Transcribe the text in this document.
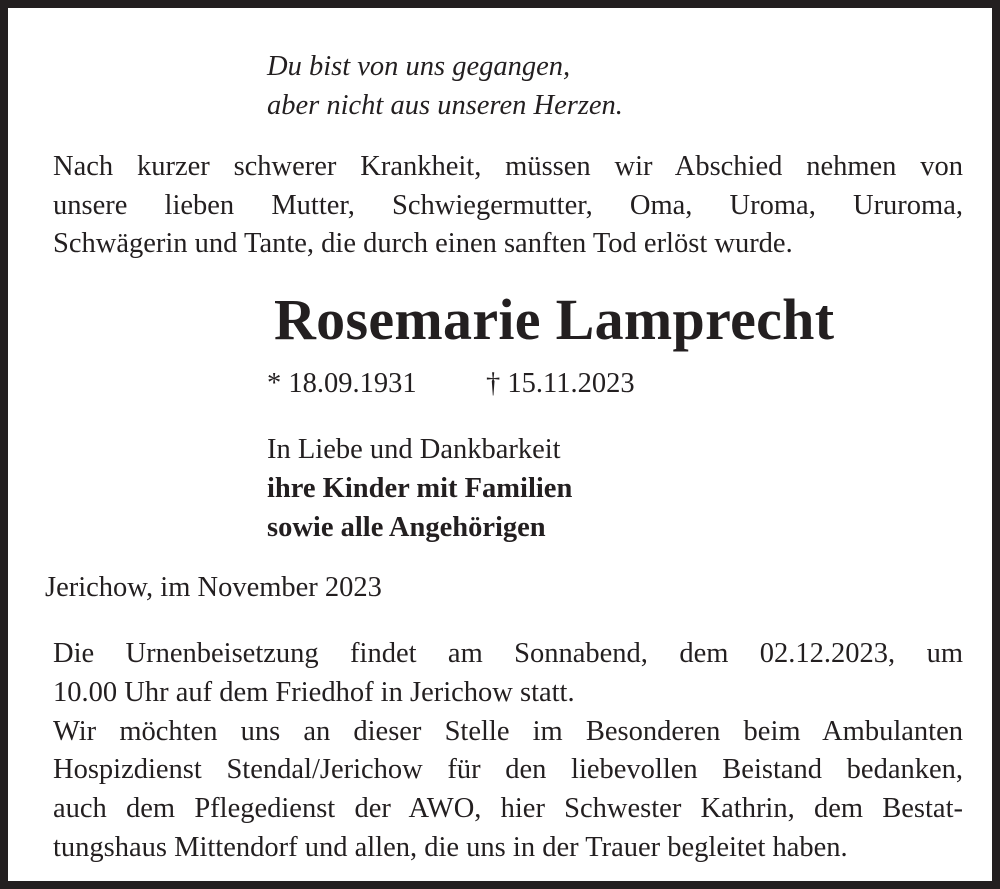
Du bist von uns gegangen,
aber nicht aus unseren Herzen.
Nach kurzer schwerer Krankheit, müssen wir Abschied nehmen von
unsere lieben Mutter, Schwiegermutter, Oma, Uroma, Ururoma,
Schwägerin und Tante, die durch einen sanften Tod erlöst wurde.
Rosemarie Lamprecht
* 18.09.1931 † 15.11.2023
In Liebe und Dankbarkeit
ihre Kinder mit Familien
sowie alle Angehörigen
Jerichow, im November 2023
Die Urnenbeisetzung findet am Sonnabend, dem 02.12.2023, um
10.00 Uhr auf dem Friedhof in Jerichow statt.
Wir möchten uns an dieser Stelle im Besonderen beim Ambulanten
Hospizdienst Stendal/Jerichow für den liebevollen Beistand bedanken,
auch dem Pflegedienst der AWO, hier Schwester Kathrin, dem Bestat-
tungshaus Mittendorf und allen, die uns in der Trauer begleitet haben.
